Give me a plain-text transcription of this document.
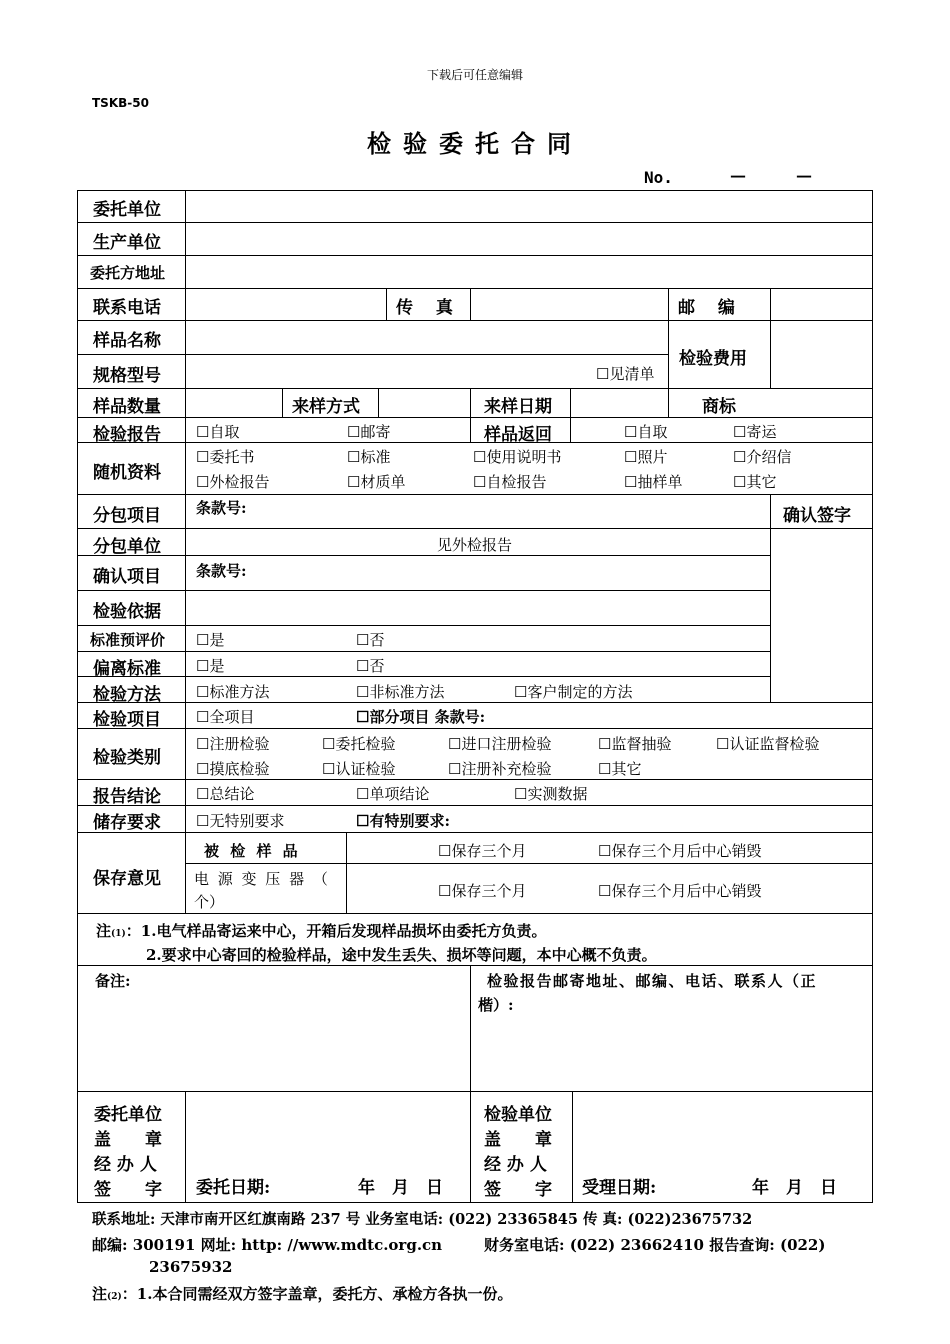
下载后可任意编辑
TSKB-50
检验委托合同
No.	—	—
委托单位
生产单位
委托方地址
联系电话	传　 真	邮　 编
样品名称
检验费用
规格型号	☐见清单
样品数量	来样方式	来样日期	商标
检验报告 ☐自取	☐邮寄	样品返回	☐自取	☐寄运
随机资料
☐委托书	☐标准	☐使用说明书	☐照片	☐介绍信
☐外检报告	☐材质单	☐自检报告	☐抽样单	☐其它
分包项目 条款号:	确认签字
分包单位	见外检报告
确认项目 条款号:
检验依据
标准预评价 ☐是	☐否
偏离标准 ☐是	☐否
检验方法 ☐标准方法	☐非标准方法	☐客户制定的方法
检验项目 ☐全项目	☐部分项目 条款号:
检验类别
☐注册检验	☐委托检验	☐进口注册检验	☐监督抽验	☐认证监督检验
☐摸底检验	☐认证检验	☐注册补充检验	☐其它
报告结论 ☐总结论	☐单项结论	☐实测数据
储存要求 ☐无特别要求	☐有特别要求:
保存意见
被 检 样 品	☐保存三个月	☐保存三个月后中心销毁
电 源 变 压 器 （
个）
☐保存三个月	☐保存三个月后中心销毁
注(1)：1.电气样品寄运来中心，开箱后发现样品损坏由委托方负责。
2.要求中心寄回的检验样品，途中发生丢失、损坏等问题，本中心概不负责。
备注:	检验报告邮寄地址、邮编、电话、联系人（正
楷）:
委托单位
盖　　章
经 办 人
签　　字 委托日期:	年　月　日
检验单位
盖　　章
经 办 人
签　　字 受理日期:	年　月　日
联系地址: 天津市南开区红旗南路 237 号 业务室电话: (022) 23365845 传 真: (022)23675732
邮编: 300191 网址: http: //www.mdtc.org.cn	财务室电话: (022) 23662410 报告查询: (022)
23675932
注(2)：1.本合同需经双方签字盖章，委托方、承检方各执一份。
